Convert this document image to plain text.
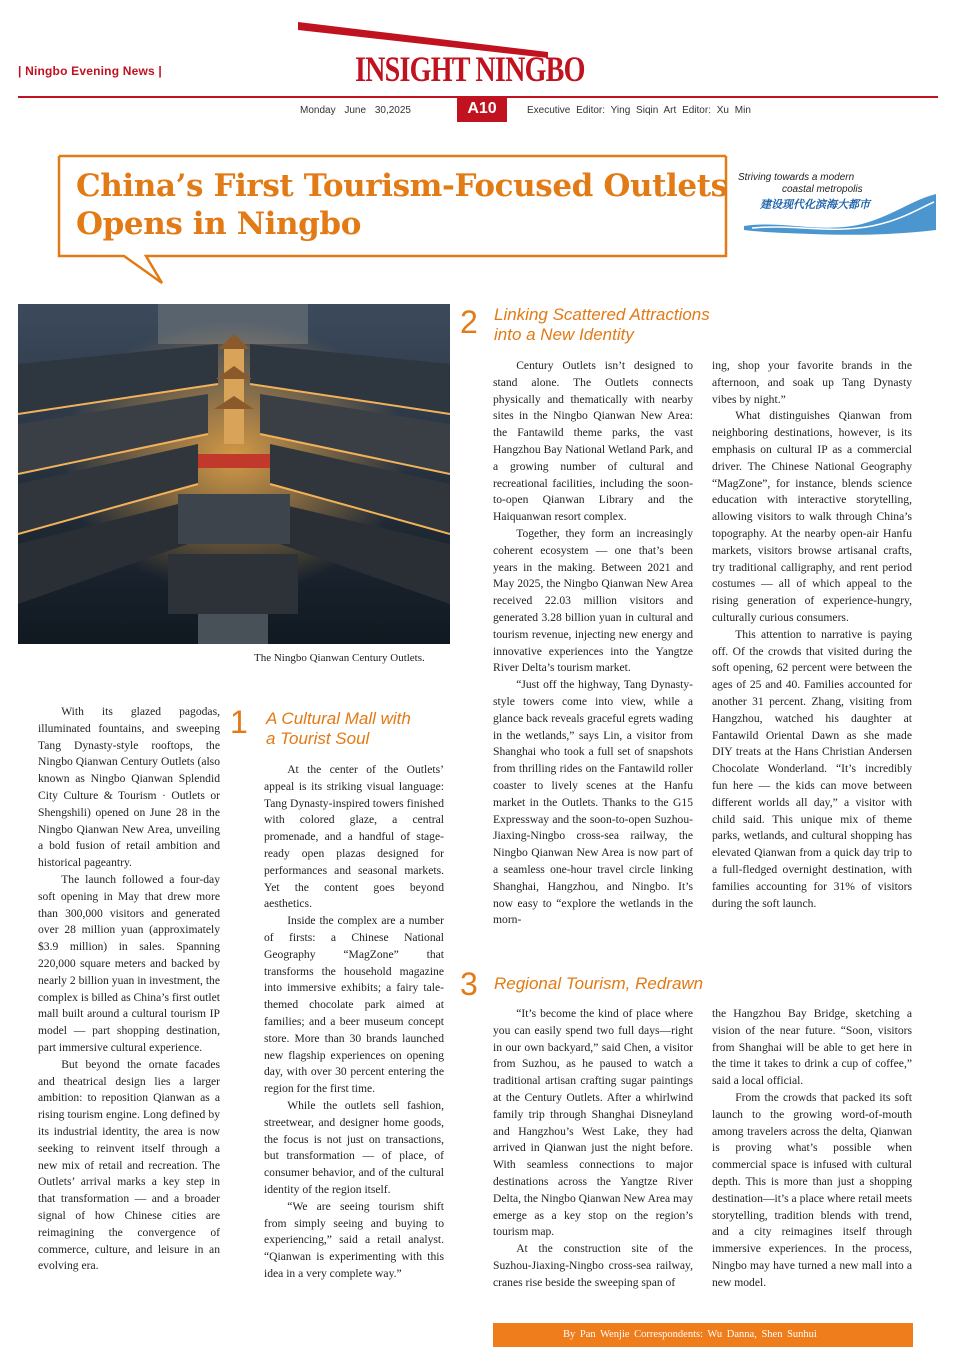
| Ningbo Evening News |	INSIGHT NINGBO
Monday June 30,2025	A10	Executive Editor: Ying Siqin Art Editor: Xu Min
China’s First Tourism-Focused Outlets Opens in Ningbo
Striving towards a modern
coastal metropolis
建设现代化滨海大都市
The Ningbo Qianwan Century Outlets.

With its glazed pagodas, illuminated fountains, and sweeping Tang Dynasty-style rooftops, the Ningbo Qianwan Century Outlets (also known as Ningbo Qianwan Splendid City Culture & Tourism · Outlets or Shengshili) opened on June 28 in the Ningbo Qianwan New Area, unveiling a bold fusion of retail ambition and historical pageantry.

The launch followed a four-day soft opening in May that drew more than 300,000 visitors and generated over 28 million yuan (approximately $3.9 million) in sales. Spanning 220,000 square meters and backed by nearly 2 billion yuan in investment, the complex is billed as China’s first outlet mall built around a cultural tourism IP model — part shopping destination, part immersive cultural experience.

But beyond the ornate facades and theatrical design lies a larger ambition: to reposition Qianwan as a rising tourism engine. Long defined by its industrial identity, the area is now seeking to reinvent itself through a new mix of retail and recreation. The Outlets’ arrival marks a key step in that transformation — and a broader signal of how Chinese cities are reimagining the convergence of commerce, culture, and leisure in an evolving era.

1 A Cultural Mall with
a Tourist Soul

At the center of the Outlets’ appeal is its striking visual language: Tang Dynasty-inspired towers finished with colored glaze, a central promenade, and a handful of stage-ready open plazas designed for performances and seasonal markets. Yet the content goes beyond aesthetics.

Inside the complex are a number of firsts: a Chinese National Geography “MagZone” that transforms the household magazine into immersive exhibits; a fairy tale-themed chocolate park aimed at families; and a beer museum concept store. More than 30 brands launched new flagship experiences on opening day, with over 30 percent entering the region for the first time.

While the outlets sell fashion, streetwear, and designer home goods, the focus is not just on transactions, but transformation — of place, of consumer behavior, and of the cultural identity of the region itself.

“We are seeing tourism shift from simply seeing and buying to experiencing,” said a retail analyst. “Qianwan is experimenting with this idea in a very complete way.”

2 Linking Scattered Attractions
into a New Identity

Century Outlets isn’t designed to stand alone. The Outlets connects physically and thematically with nearby sites in the Ningbo Qianwan New Area: the Fantawild theme parks, the vast Hangzhou Bay National Wetland Park, and a growing number of cultural and recreational facilities, including the soon-to-open Qianwan Library and the Haiquanwan resort complex.

Together, they form an increasingly coherent ecosystem — one that’s been years in the making. Between 2021 and May 2025, the Ningbo Qianwan New Area received 22.03 million visitors and generated 3.28 billion yuan in cultural and tourism revenue, injecting new energy and innovative experiences into the Yangtze River Delta’s tourism market.

“Just off the highway, Tang Dynasty-style towers come into view, while a glance back reveals graceful egrets wading in the wetlands,” says Lin, a visitor from Shanghai who took a full set of snapshots from thrilling rides on the Fantawild roller coaster to lively scenes at the Hanfu market in the Outlets. Thanks to the G15 Expressway and the soon-to-open Suzhou-Jiaxing-Ningbo cross-sea railway, the Ningbo Qianwan New Area is now part of a seamless one-hour travel circle linking Shanghai, Hangzhou, and Ningbo. It’s now easy to “explore the wetlands in the morn-

ing, shop your favorite brands in the afternoon, and soak up Tang Dynasty vibes by night.”

What distinguishes Qianwan from neighboring destinations, however, is its emphasis on cultural IP as a commercial driver. The Chinese National Geography “MagZone”, for instance, blends science education with interactive storytelling, allowing visitors to walk through China’s topography. At the nearby open-air Hanfu markets, visitors browse artisanal crafts, try traditional calligraphy, and rent period costumes — all of which appeal to the rising generation of experience-hungry, culturally curious consumers.

This attention to narrative is paying off. Of the crowds that visited during the soft opening, 62 percent were between the ages of 25 and 40. Families accounted for another 31 percent. Zhang, visiting from Hangzhou, watched his daughter at Fantawild Oriental Dawn as she made DIY treats at the Hans Christian Andersen Chocolate Wonderland. “It’s incredibly fun here — the kids can move between different worlds all day,” a visitor with child said. This unique mix of theme parks, wetlands, and cultural shopping has elevated Qianwan from a quick day trip to a full-fledged overnight destination, with families accounting for 31% of visitors during the soft launch.

3 Regional Tourism, Redrawn

“It’s become the kind of place where you can easily spend two full days—right in our own backyard,” said Chen, a visitor from Suzhou, as he paused to watch a traditional artisan crafting sugar paintings at the Century Outlets. After a whirlwind family trip through Shanghai Disneyland and Hangzhou’s West Lake, they had arrived in Qianwan just the night before. With seamless connections to major destinations across the Yangtze River Delta, the Ningbo Qianwan New Area may emerge as a key stop on the region’s tourism map.

At the construction site of the Suzhou-Jiaxing-Ningbo cross-sea railway, cranes rise beside the sweeping span of

the Hangzhou Bay Bridge, sketching a vision of the near future. “Soon, visitors from Shanghai will be able to get here in the time it takes to drink a cup of coffee,” said a local official.

From the crowds that packed its soft launch to the growing word-of-mouth among travelers across the delta, Qianwan is proving what’s possible when commercial space is infused with cultural depth. This is more than just a shopping destination—it’s a place where retail meets storytelling, tradition blends with trend, and a city reimagines itself through immersive experiences. In the process, Ningbo may have turned a new mall into a new model.

By Pan Wenjie Correspondents: Wu Danna, Shen Sunhui
